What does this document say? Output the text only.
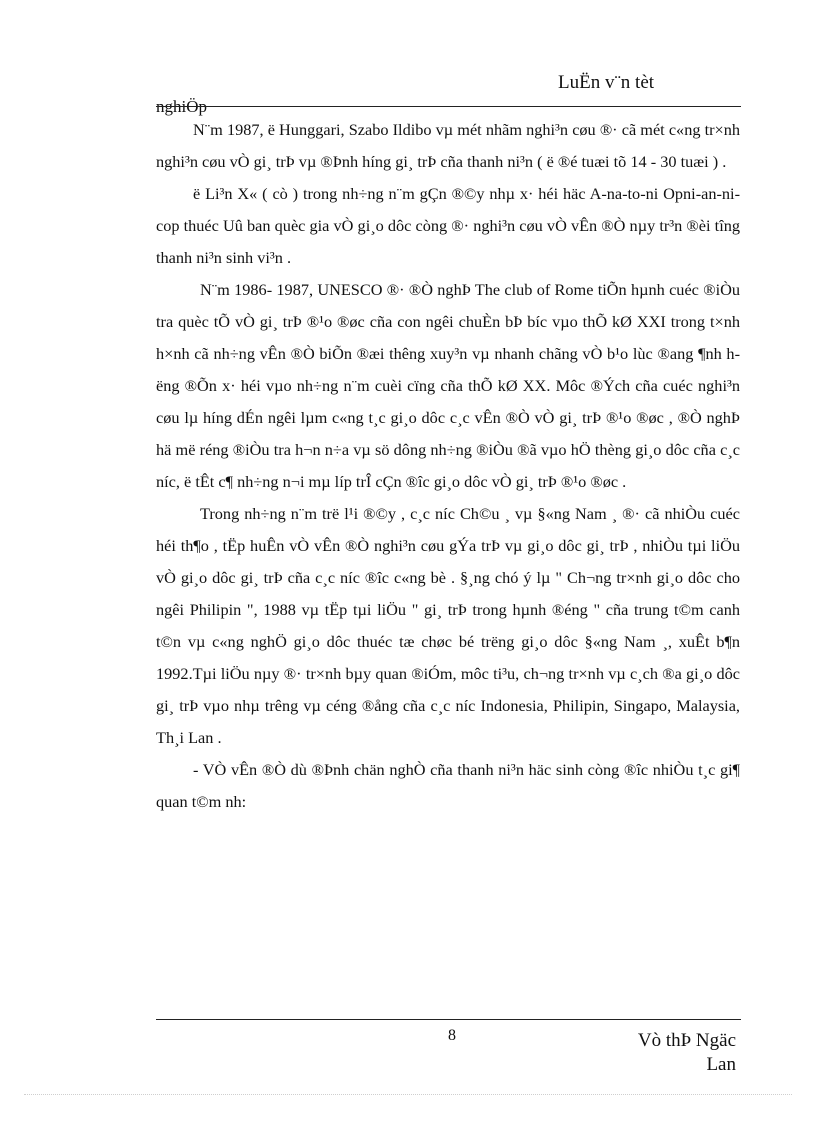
LuËn v¨n tèt
nghiÖp

N¨m 1987, ë Hunggari, Szabo Ildibo vµ mét nhãm nghi³n cøu ®· cã mét c«ng tr×nh nghi³n cøu vÒ gi¸ trÞ vµ ®Þnh híng gi¸ trÞ cña thanh ni³n ( ë ®é tuæi tõ 14 - 30 tuæi ) .

ë Li³n X« ( cò ) trong nh÷ng n¨m gÇn ®©y nhµ x· héi häc A-na-to-ni Opni-an-ni-cop thuéc Uû ban quèc gia vÒ gi¸o dôc còng ®· nghi³n cøu vÒ vÊn ®Ò nµy tr³n ®èi tîng thanh ni³n sinh vi³n .

N¨m 1986- 1987, UNESCO ®· ®Ò nghÞ The club of Rome tiÕn hµnh cuéc ®iÒu tra quèc tÕ vÒ gi¸ trÞ ®¹o ®øc cña con ngêi chuÈn bÞ bíc vµo thÕ kØ XXI trong t×nh h×nh cã nh÷ng vÊn ®Ò biÕn ®æi thêng xuy³n vµ nhanh chãng vÒ b¹o lùc ®ang ¶nh hëng ®Õn x· héi vµo nh÷ng n¨m cuèi cïng cña thÕ kØ XX. Môc ®Ých cña cuéc nghi³n cøu lµ híng dÉn ngêi lµm c«ng t¸c gi¸o dôc c¸c vÊn ®Ò vÒ gi¸ trÞ ®¹o ®øc , ®Ò nghÞ hä më réng ®iÒu tra h¬n n÷a vµ sö dông nh÷ng ®iÒu ®ã vµo hÖ thèng gi¸o dôc cña c¸c níc, ë tÊt c¶ nh÷ng n¬i mµ líp trÎ cÇn ®îc gi¸o dôc vÒ gi¸ trÞ ®¹o ®øc .

Trong nh÷ng n¨m trë l¹i ®©y , c¸c níc Ch©u ¸ vµ §«ng Nam ¸ ®· cã nhiÒu cuéc héi th¶o , tËp huÊn vÒ vÊn ®Ò nghi³n cøu gÝa trÞ vµ gi¸o dôc gi¸ trÞ , nhiÒu tµi liÖu vÒ gi¸o dôc gi¸ trÞ cña c¸c níc ®îc c«ng bè . §¸ng chó ý lµ " Ch¬ng tr×nh gi¸o dôc cho ngêi Philipin ", 1988 vµ tËp tµi liÖu " gi¸ trÞ trong hµnh ®éng " cña trung t©m canh t©n vµ c«ng nghÖ gi¸o dôc thuéc tæ chøc bé trëng gi¸o dôc §«ng Nam ¸, xuÊt b¶n 1992.Tµi liÖu nµy ®· tr×nh bµy quan ®iÓm, môc ti³u, ch¬ng tr×nh vµ c¸ch ®a gi¸o dôc gi¸ trÞ vµo nhµ trêng vµ céng ®ång cña c¸c níc Indonesia, Philipin, Singapo, Malaysia, Th¸i Lan .

- VÒ vÊn ®Ò dù ®Þnh chän nghÒ cña thanh ni³n häc sinh còng ®îc nhiÒu t¸c gi¶ quan t©m nh:

8	Vò thÞ Ngäc
Lan
